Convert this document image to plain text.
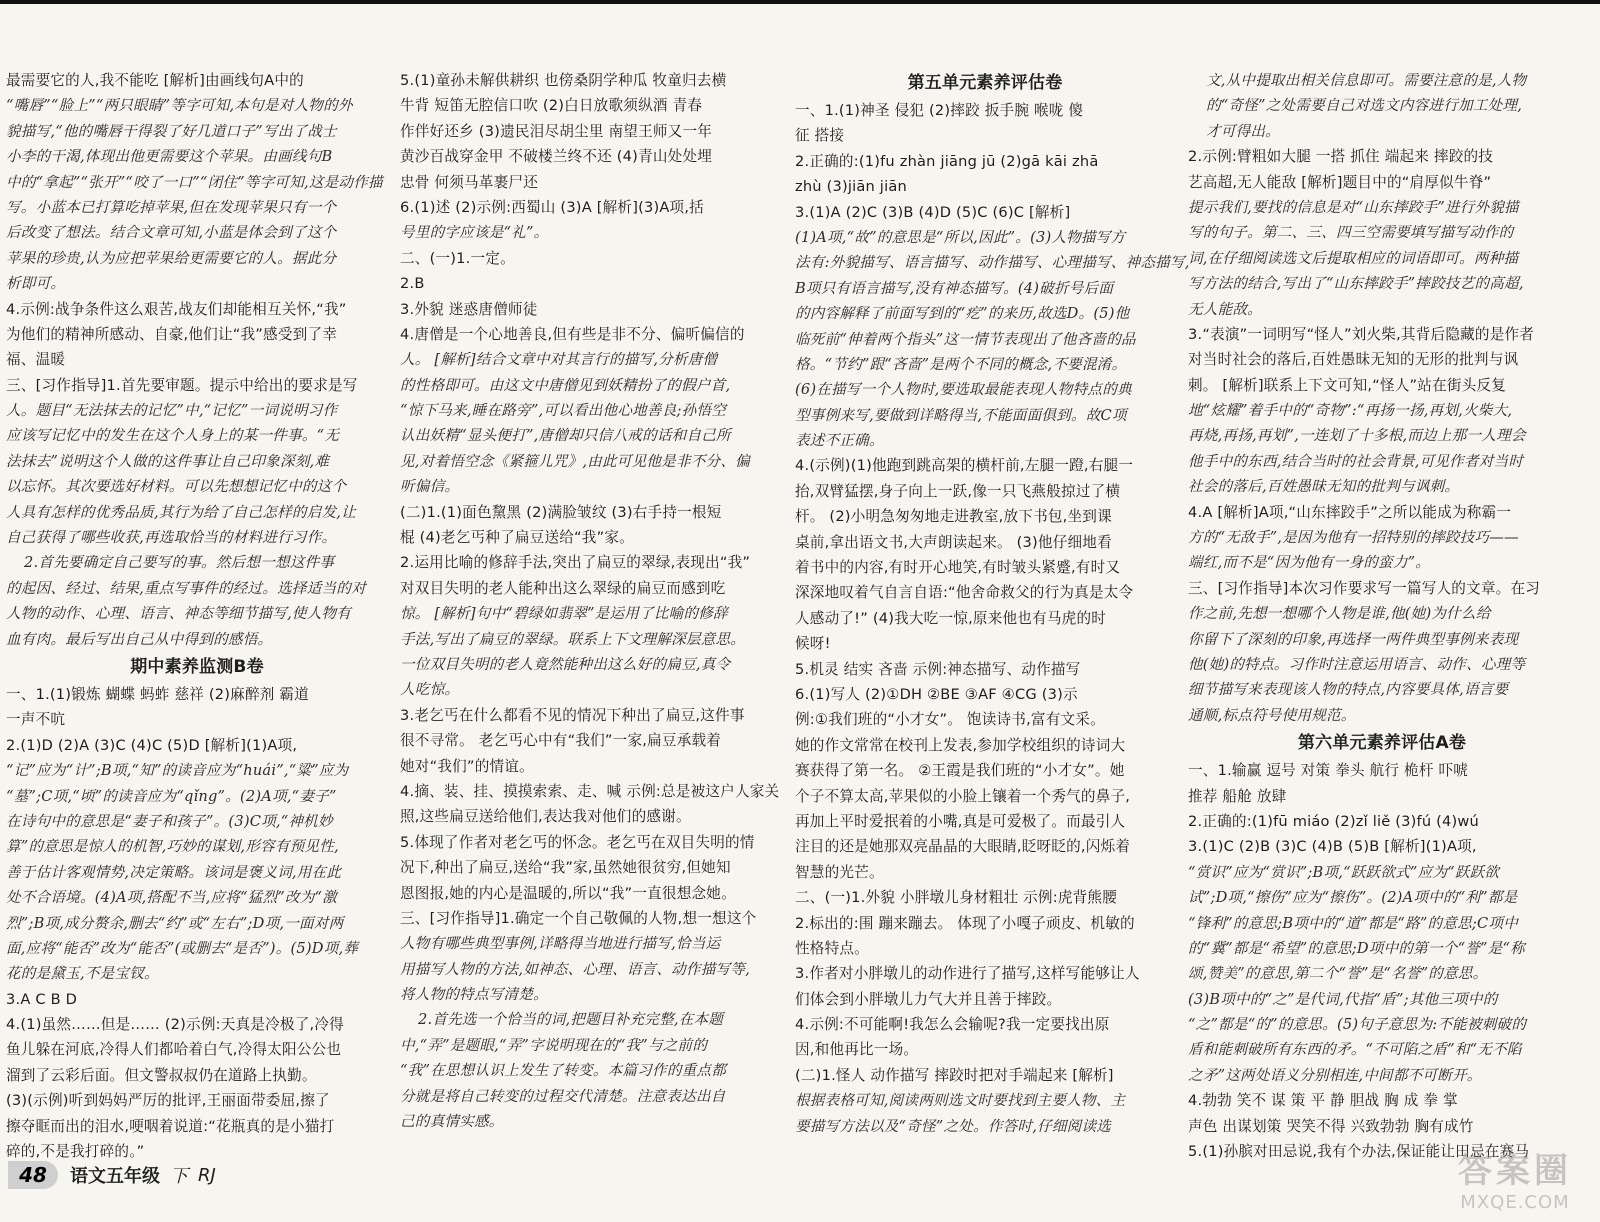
最需要它的人,我不能吃 [解析]由画线句A中的
“嘴唇”“脸上”“两只眼睛”等字可知,本句是对人物的外
貌描写,“他的嘴唇干得裂了好几道口子”写出了战士
小李的干渴,体现出他更需要这个苹果。由画线句B
中的“拿起”“张开”“咬了一口”“闭住”等字可知,这是动作描
写。小蓝本已打算吃掉苹果,但在发现苹果只有一个
后改变了想法。结合文章可知,小蓝是体会到了这个
苹果的珍贵,认为应把苹果给更需要它的人。据此分
析即可。
4.示例:战争条件这么艰苦,战友们却能相互关怀,“我”
为他们的精神所感动、自豪,他们让“我”感受到了幸
福、温暖
三、[习作指导]1.首先要审题。提示中给出的要求是写
人。题目“无法抹去的记忆”中,“记忆”一词说明习作
应该写记忆中的发生在这个人身上的某一件事。“无
法抹去”说明这个人做的这件事让自己印象深刻,难
以忘怀。其次要选好材料。可以先想想记忆中的这个
人具有怎样的优秀品质,其行为给了自己怎样的启发,让
自己获得了哪些收获,再选取恰当的材料进行习作。
2.首先要确定自己要写的事。然后想一想这件事
的起因、经过、结果,重点写事件的经过。选择适当的对
人物的动作、心理、语言、神态等细节描写,使人物有
血有肉。最后写出自己从中得到的感悟。
期中素养监测B卷
一、1.(1)锻炼 蝴蝶 蚂蚱 慈祥 (2)麻醉剂 霸道
一声不吭
2.(1)D (2)A (3)C (4)C (5)D [解析](1)A项,
“记”应为“计”;B项,“知”的读音应为“huái”,“粱”应为
“墓”;C项,“顷”的读音应为“qǐng”。(2)A项,“妻子”
在诗句中的意思是“妻子和孩子”。(3)C项,“神机妙
算”的意思是惊人的机智,巧妙的谋划,形容有预见性,
善于估计客观情势,决定策略。该词是褒义词,用在此
处不合语境。(4)A项,搭配不当,应将“猛烈”改为“激
烈”;B项,成分赘余,删去“约”或“左右”;D项,一面对两
面,应将“能否”改为“能否”(或删去“是否”)。(5)D项,葬
花的是黛玉,不是宝钗。
3.A C B D
4.(1)虽然……但是…… (2)示例:天真是冷极了,冷得
鱼儿躲在河底,冷得人们都哈着白气,冷得太阳公公也
溜到了云彩后面。但文警叔叔仍在道路上执勤。
(3)(示例)听到妈妈严厉的批评,王丽面带委屈,擦了
擦夺眶而出的泪水,哽咽着说道:“花瓶真的是小猫打
碎的,不是我打碎的。”
5.(1)童孙未解供耕织 也傍桑阴学种瓜 牧童归去横
牛背 短笛无腔信口吹 (2)白日放歌须纵酒 青春
作伴好还乡 (3)遗民泪尽胡尘里 南望王师又一年
黄沙百战穿金甲 不破楼兰终不还 (4)青山处处埋
忠骨 何须马革裹尸还
6.(1)述 (2)示例:西蜀山 (3)A [解析](3)A项,括
号里的字应该是“礼”。
二、(一)1.一定。
2.B
3.外貌 迷惑唐僧师徒
4.唐僧是一个心地善良,但有些是非不分、偏听偏信的
人。 [解析]结合文章中对其言行的描写,分析唐僧
的性格即可。由这文中唐僧见到妖精扮了的假户首,
“惊下马来,睡在路旁”,可以看出他心地善良;孙悟空
认出妖精“显头便打”,唐僧却只信八戒的话和自己所
见,对着悟空念《紧箍儿咒》,由此可见他是非不分、偏
听偏信。
(二)1.(1)面色黧黑 (2)满脸皱纹 (3)右手持一根短
棍 (4)老乞丐种了扁豆送给“我”家。
2.运用比喻的修辞手法,突出了扁豆的翠绿,表现出“我”
对双目失明的老人能种出这么翠绿的扁豆而感到吃
惊。 [解析]句中“碧绿如翡翠”是运用了比喻的修辞
手法,写出了扁豆的翠绿。联系上下文理解深层意思。
一位双目失明的老人竟然能种出这么好的扁豆,真令
人吃惊。
3.老乞丐在什么都看不见的情况下种出了扁豆,这件事
很不寻常。 老乞丐心中有“我们”一家,扁豆承载着
她对“我们”的情谊。
4.摘、装、挂、摸摸索索、走、喊 示例:总是被这户人家关
照,这些扁豆送给他们,表达我对他们的感谢。
5.体现了作者对老乞丐的怀念。老乞丐在双目失明的情
况下,种出了扁豆,送给“我”家,虽然她很贫穷,但她知
恩图报,她的内心是温暖的,所以“我”一直很想念她。
三、[习作指导]1.确定一个自己敬佩的人物,想一想这个
人物有哪些典型事例,详略得当地进行描写,恰当运
用描写人物的方法,如神态、心理、语言、动作描写等,
将人物的特点写清楚。
2.首先选一个恰当的词,把题目补充完整,在本题
中,“弄”是题眼,“弄”字说明现在的“我”与之前的
“我”在思想认识上发生了转变。本篇习作的重点都
分就是将自己转变的过程交代清楚。注意表达出自
己的真情实感。
第五单元素养评估卷
一、1.(1)神圣 侵犯 (2)摔跤 扳手腕 喉咙 傻
征 搭接
2.正确的:(1)fu zhàn jiāng jū (2)gā kāi zhā
zhù (3)jiān jiān
3.(1)A (2)C (3)B (4)D (5)C (6)C [解析]
(1)A项,“故”的意思是“所以,因此”。(3)人物描写方
法有:外貌描写、语言描写、动作描写、心理描写、神态描写,
B项只有语言描写,没有神态描写。(4)破折号后面
的内容解释了前面写到的“疙”的来历,故选D。(5)他
临死前“伸着两个指头”这一情节表现出了他吝啬的品
格。“节约”跟“吝啬”是两个不同的概念,不要混淆。
(6)在描写一个人物时,要选取最能表现人物特点的典
型事例来写,要做到详略得当,不能面面俱到。故C项
表述不正确。
4.(示例)(1)他跑到跳高架的横杆前,左腿一蹬,右腿一
抬,双臂猛摆,身子向上一跃,像一只飞燕般掠过了横
杆。 (2)小明急匆匆地走进教室,放下书包,坐到课
桌前,拿出语文书,大声朗读起来。 (3)他仔细地看
着书中的内容,有时开心地笑,有时皱头紧蹙,有时又
深深地叹着气自言自语:“他舍命救父的行为真是太令
人感动了!” (4)我大吃一惊,原来他也有马虎的时
候呀!
5.机灵 结实 吝啬 示例:神态描写、动作描写
6.(1)写人 (2)①DH ②BE ③AF ④CG (3)示
例:①我们班的“小才女”。 饱读诗书,富有文采。
她的作文常常在校刊上发表,参加学校组织的诗词大
赛获得了第一名。 ②王霞是我们班的“小才女”。她
个子不算太高,苹果似的小脸上镶着一个秀气的鼻子,
再加上平时爱抿着的小嘴,真是可爱极了。而最引人
注目的还是她那双亮晶晶的大眼睛,眨呀眨的,闪烁着
智慧的光芒。
二、(一)1.外貌 小胖墩儿身材粗壮 示例:虎背熊腰
2.标出的:围 蹦来蹦去。 体现了小嘎子顽皮、机敏的
性格特点。
3.作者对小胖墩儿的动作进行了描写,这样写能够让人
们体会到小胖墩儿力气大并且善于摔跤。
4.示例:不可能啊!我怎么会输呢?我一定要找出原
因,和他再比一场。
(二)1.怪人 动作描写 摔跤时把对手端起来 [解析]
根据表格可知,阅读两则选文时要找到主要人物、主
要描写方法以及“奇怪”之处。作答时,仔细阅读选
文,从中提取出相关信息即可。需要注意的是,人物
的“奇怪”之处需要自己对选文内容进行加工处理,
才可得出。
2.示例:臂粗如大腿 一搭 抓住 端起来 摔跤的技
艺高超,无人能敌 [解析]题目中的“肩厚似牛脊”
提示我们,要找的信息是对“山东摔跤手”进行外貌描
写的句子。第二、三、四三空需要填写描写动作的
词,在仔细阅读选文后提取相应的词语即可。两种描
写方法的结合,写出了“山东摔跤手”摔跤技艺的高超,
无人能敌。
3.“表演”一词明写“怪人”刘火柴,其背后隐藏的是作者
对当时社会的落后,百姓愚昧无知的无形的批判与讽
刺。 [解析]联系上下文可知,“怪人”站在街头反复
地“炫耀”着手中的“奇物”:“再扬一扬,再划,火柴大,
再烧,再扬,再划”,一连划了十多根,而边上那一人理会
他手中的东西,结合当时的社会背景,可见作者对当时
社会的落后,百姓愚昧无知的批判与讽刺。
4.A [解析]A项,“山东摔跤手”之所以能成为称霸一
方的“无敌手”,是因为他有一招特别的摔跤技巧——
端红,而不是“因为他有一身的蛮力”。
三、[习作指导]本次习作要求写一篇写人的文章。在习
作之前,先想一想哪个人物是谁,他(她)为什么给
你留下了深刻的印象,再选择一两件典型事例来表现
他(她)的特点。习作时注意运用语言、动作、心理等
细节描写来表现该人物的特点,内容要具体,语言要
通顺,标点符号使用规范。
第六单元素养评估A卷
一、1.输赢 逗号 对策 拳头 航行 桅杆 吓唬
推荐 船舱 放肆
2.正确的:(1)fū miáo (2)zǐ liě (3)fú (4)wú
3.(1)C (2)B (3)C (4)B (5)B [解析](1)A项,
“赏识”应为“赏识”;B项,“跃跃欲式”应为“跃跃欲
试”;D项,“擦伤”应为“擦伤”。(2)A项中的“利”都是
“锋利”的意思;B项中的“道”都是“路”的意思;C项中
的“冀”都是“希望”的意思;D项中的第一个“誉”是“称
颂,赞美”的意思,第二个“誉”是“名誉”的意思。
(3)B项中的“之”是代词,代指“盾”;其他三项中的
“之”都是“的”的意思。(5)句子意思为:不能被刺破的
盾和能刺破所有东西的矛。“不可陷之盾”和“无不陷
之矛”这两处语义分别相连,中间都不可断开。
4.勃勃 笑不 谋 策 平 静 胆战 胸 成 拳 掌
声色 出谋划策 哭笑不得 兴致勃勃 胸有成竹
5.(1)孙膑对田忌说,我有个办法,保证能让田忌在赛马
48	语文五年级 下 RJ	答案圈
MXQE.COM
